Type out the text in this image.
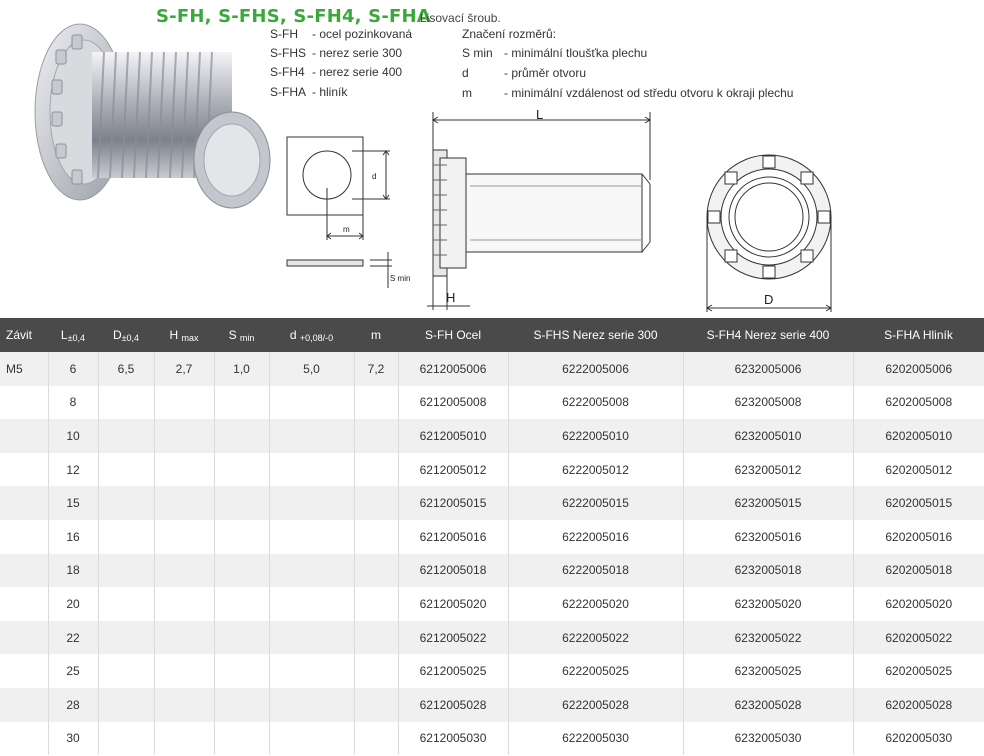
L
H	D
d
m
S min
S-FH, S-FHS, S-FH4, S-FHA
Lisovací šroub.
S-FH - ocel pozinkovaná
S-FHS - nerez serie 300
S-FH4 - nerez serie 400
S-FHA - hliník
Značení rozměrů:
S min - minimální tloušťka plechu
d	- průměr otvoru
m	- minimální vzdálenost od středu otvoru k okraji plechu
Závit	$L_{\pm 0,4}$	$D_{\pm 0,4}$	H $_{max}$	S $_{min}$	d $_{+0,08/-0}$	m	S-FH Ocel	S-FHS Nerez serie 300	S-FH4 Nerez serie 400	S-FHA Hliník
M5	6	6,5	2,7	1,0	5,0	7,2	6212005006	6222005006	6232005006	6202005006
	8						6212005008	6222005008	6232005008	6202005008
	10						6212005010	6222005010	6232005010	6202005010
	12						6212005012	6222005012	6232005012	6202005012
	15						6212005015	6222005015	6232005015	6202005015
	16						6212005016	6222005016	6232005016	6202005016
	18						6212005018	6222005018	6232005018	6202005018
	20						6212005020	6222005020	6232005020	6202005020
	22						6212005022	6222005022	6232005022	6202005022
	25						6212005025	6222005025	6232005025	6202005025
	28						6212005028	6222005028	6232005028	6202005028
	30						6212005030	6222005030	6232005030	6202005030
